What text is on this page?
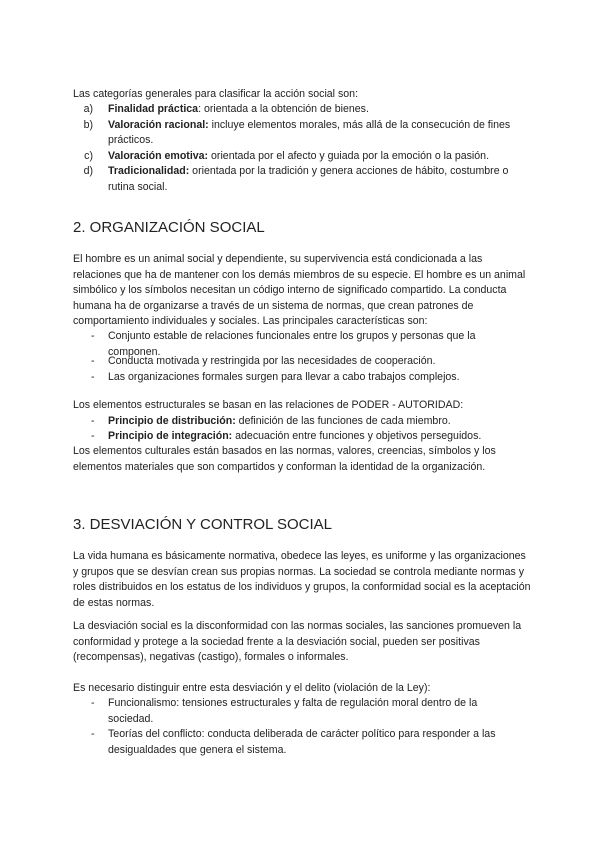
Las categorías generales para clasificar la acción social son:
a) Finalidad práctica: orientada a la obtención de bienes.
b) Valoración racional: incluye elementos morales, más allá de la consecución de fines prácticos.
c) Valoración emotiva: orientada por el afecto y guiada por la emoción o la pasión.
d) Tradicionalidad: orientada por la tradición y genera acciones de hábito, costumbre o rutina social.
2. ORGANIZACIÓN SOCIAL
El hombre es un animal social y dependiente, su supervivencia está condicionada a las relaciones que ha de mantener con los demás miembros de su especie. El hombre es un animal simbólico y los símbolos necesitan un código interno de significado compartido. La conducta humana ha de organizarse a través de un sistema de normas, que crean patrones de comportamiento individuales y sociales. Las principales características son:
-	Conjunto estable de relaciones funcionales entre los grupos y personas que la componen.
-	Conducta motivada y restringida por las necesidades de cooperación.
-	Las organizaciones formales surgen para llevar a cabo trabajos complejos.
Los elementos estructurales se basan en las relaciones de PODER - AUTORIDAD:
-	Principio de distribución: definición de las funciones de cada miembro.
-	Principio de integración: adecuación entre funciones y objetivos perseguidos.
Los elementos culturales están basados en las normas, valores, creencias, símbolos y los elementos materiales que son compartidos y conforman la identidad de la organización.
3. DESVIACIÓN Y CONTROL SOCIAL
La vida humana es básicamente normativa, obedece las leyes, es uniforme y las organizaciones y grupos que se desvían crean sus propias normas. La sociedad se controla mediante normas y roles distribuidos en los estatus de los individuos y grupos, la conformidad social es la aceptación de estas normas.
La desviación social es la disconformidad con las normas sociales, las sanciones promueven la conformidad y protege a la sociedad frente a la desviación social, pueden ser positivas (recompensas), negativas (castigo), formales o informales.
Es necesario distinguir entre esta desviación y el delito (violación de la Ley):
-	Funcionalismo: tensiones estructurales y falta de regulación moral dentro de la sociedad.
-	Teorías del conflicto: conducta deliberada de carácter político para responder a las desigualdades que genera el sistema.
